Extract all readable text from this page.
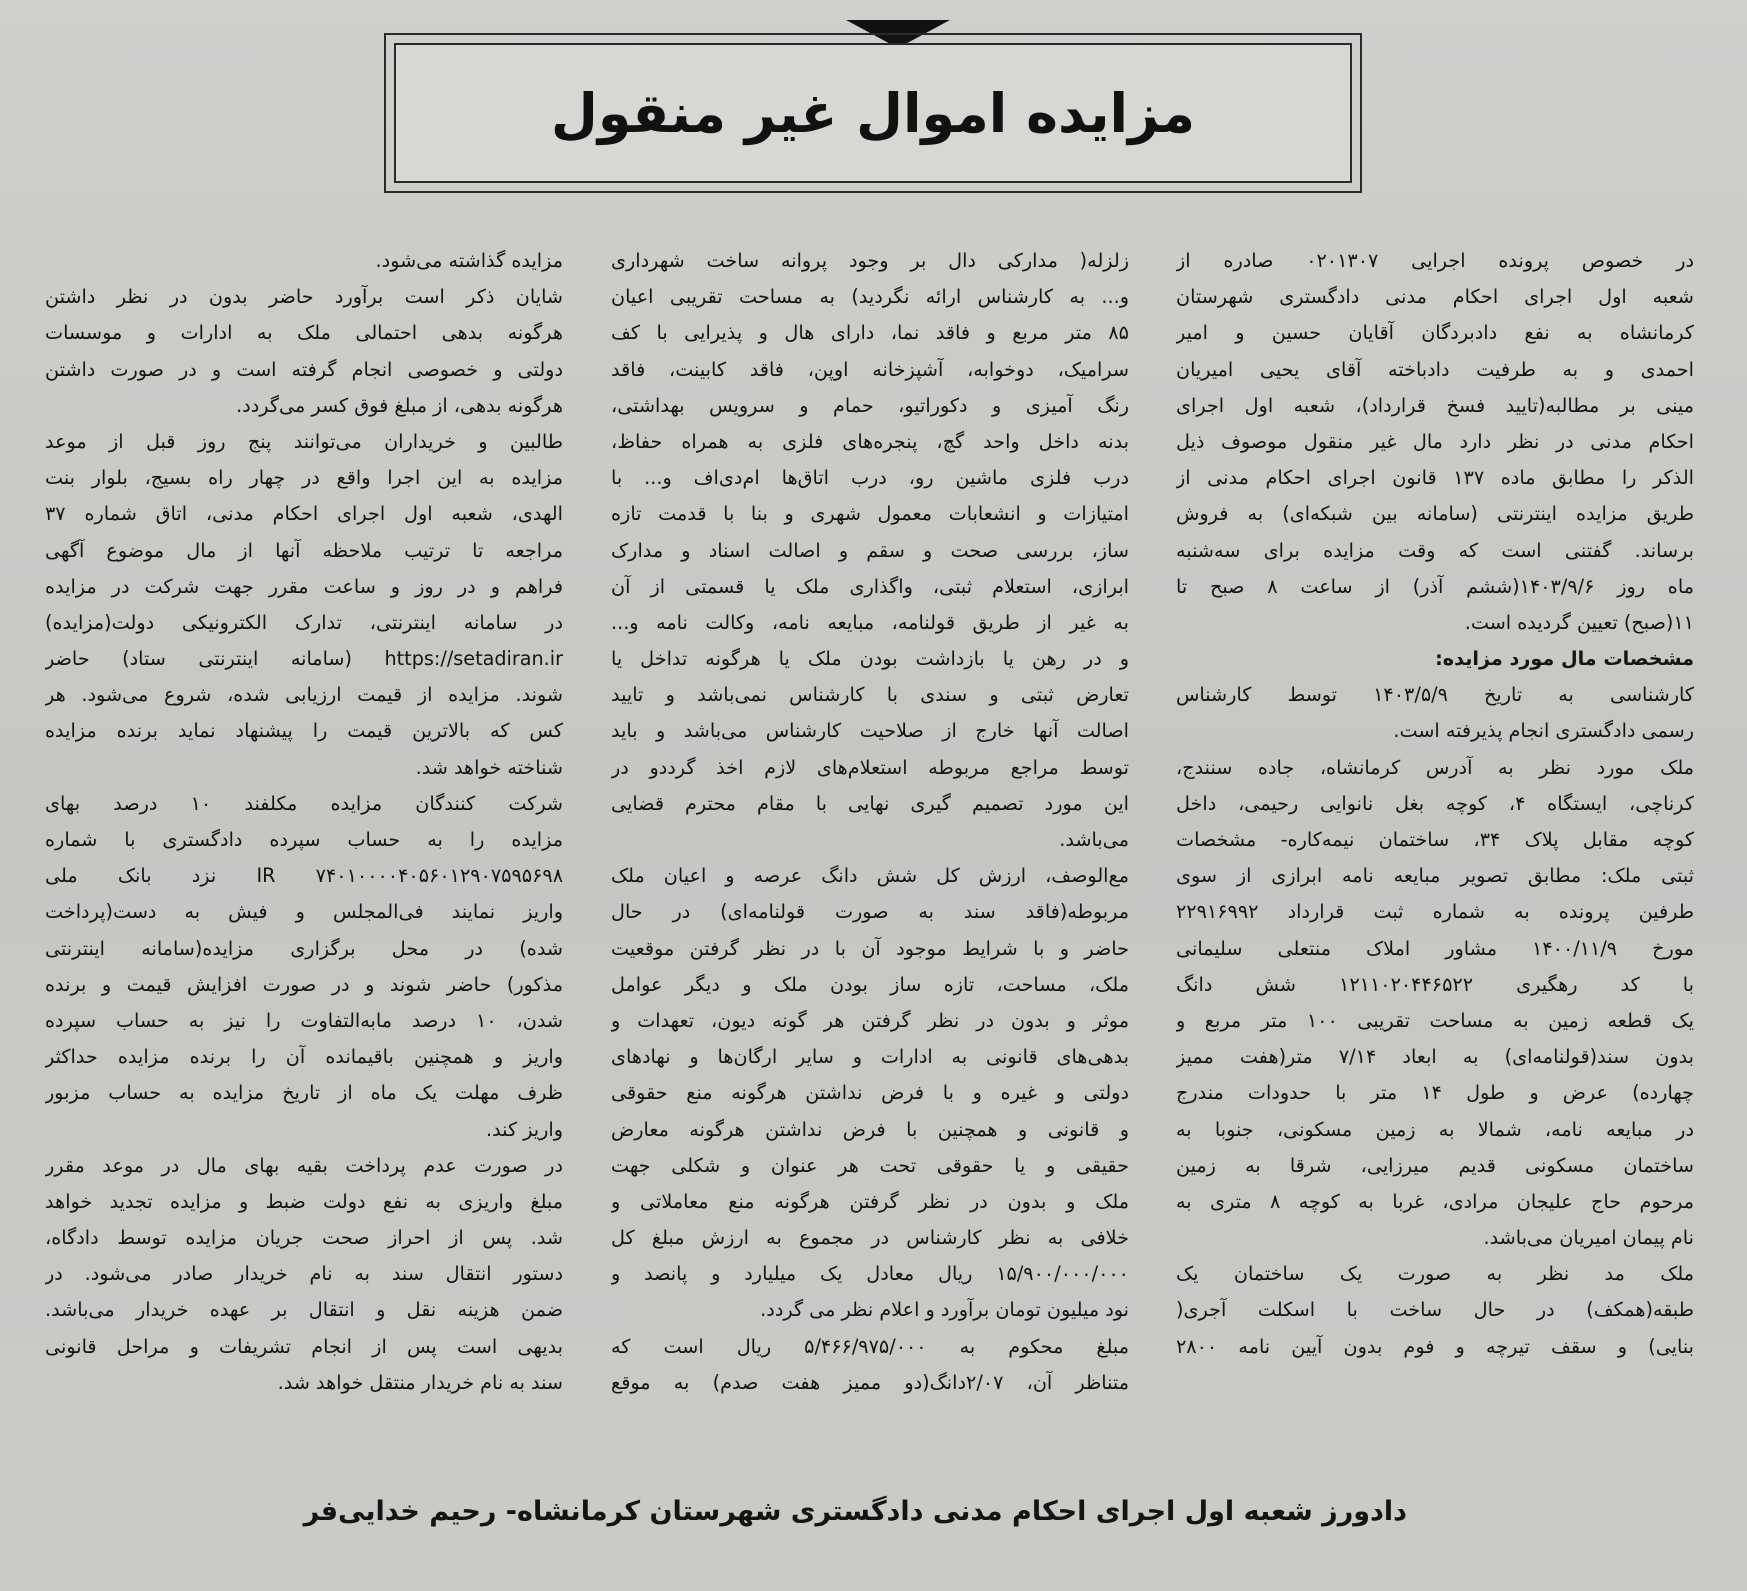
مزایده اموال غیر منقول
در خصوص پرونده اجرایی ۰۲۰۱۳۰۷ صادره از
شعبه اول اجرای احکام مدنی دادگستری شهرستان
کرمانشاه به نفع دادبردگان آقایان حسین و امیر
احمدی و به طرفیت دادباخته آقای یحیی امیریان
مینی بر مطالبه(تایید فسخ قرارداد)، شعبه اول اجرای
احکام مدنی در نظر دارد مال غیر منقول موصوف ذیل
الذکر را مطابق ماده ۱۳۷ قانون اجرای احکام مدنی از
طریق مزایده اینترنتی (سامانه بین شبکه‌ای) به فروش
برساند. گفتنی است که وقت مزایده برای سه‌شنبه
ماه روز ۱۴۰۳/۹/۶(ششم آذر) از ساعت ۸ صبح تا
۱۱(صبح) تعیین گردیده است.
مشخصات مال مورد مزایده:
کارشناسی به تاریخ ۱۴۰۳/۵/۹ توسط کارشناس
رسمی دادگستری انجام پذیرفته است.
ملک مورد نظر به آدرس کرمانشاه، جاده سنندج،
کرناچی، ایستگاه ۴، کوچه بغل نانوایی رحیمی، داخل
کوچه مقابل پلاک ۳۴، ساختمان نیمه‌کاره- مشخصات
ثبتی ملک: مطابق تصویر مبایعه نامه ابرازی از سوی
طرفین پرونده به شماره ثبت قرارداد ۲۲۹۱۶۹۹۲
مورخ ۱۴۰۰/۱۱/۹ مشاور املاک منتعلی سلیمانی
با کد رهگیری ۱۲۱۱۰۲۰۴۴۶۵۲۲ شش دانگ
یک قطعه زمین به مساحت تقریبی ۱۰۰ متر مربع و
بدون سند(قولنامه‌ای) به ابعاد ۷/۱۴ متر(هفت ممیز
چهارده) عرض و طول ۱۴ متر با حدودات مندرج
در مبایعه نامه، شمالا به زمین مسکونی، جنوبا به
ساختمان مسکونی قدیم میرزایی، شرقا به زمین
مرحوم حاج علیجان مرادی، غربا به کوچه ۸ متری به
نام پیمان امیریان می‌باشد.
ملک مد نظر به صورت یک ساختمان یک
طبقه(همکف) در حال ساخت با اسکلت آجری(
بنایی) و سقف تیرچه و فوم بدون آیین نامه ۲۸۰۰
زلزله( مدارکی دال بر وجود پروانه ساخت شهرداری
و... به کارشناس ارائه نگردید) به مساحت تقریبی اعیان
۸۵ متر مربع و فاقد نما، دارای هال و پذیرایی با کف
سرامیک، دوخوابه، آشپزخانه اوپن، فاقد کابینت، فاقد
رنگ آمیزی و دکوراتیو، حمام و سرویس بهداشتی،
بدنه داخل واحد گچ، پنجره‌های فلزی به همراه حفاظ،
درب فلزی ماشین رو، درب اتاق‌ها ام‌دی‌اف و... با
امتیازات و انشعابات معمول شهری و بنا با قدمت تازه
ساز، بررسی صحت و سقم و اصالت اسناد و مدارک
ابرازی، استعلام ثبتی، واگذاری ملک یا قسمتی از آن
به غیر از طریق قولنامه، مبایعه نامه، وکالت نامه و...
و در رهن یا بازداشت بودن ملک یا هرگونه تداخل یا
تعارض ثبتی و سندی با کارشناس نمی‌باشد و تایید
اصالت آنها خارج از صلاحیت کارشناس می‌باشد و باید
توسط مراجع مربوطه استعلام‌های لازم اخذ گرددو در
این مورد تصمیم گیری نهایی با مقام محترم قضایی
می‌باشد.
مع‌الوصف، ارزش کل شش دانگ عرصه و اعیان ملک
مربوطه(فاقد سند به صورت قولنامه‌ای) در حال
حاضر و با شرایط موجود آن با در نظر گرفتن موقعیت
ملک، مساحت، تازه ساز بودن ملک و دیگر عوامل
موثر و بدون در نظر گرفتن هر گونه دیون، تعهدات و
بدهی‌های قانونی به ادارات و سایر ارگان‌ها و نهادهای
دولتی و غیره و با فرض نداشتن هرگونه منع حقوقی
و قانونی و همچنین با فرض نداشتن هرگونه معارض
حقیقی و یا حقوقی تحت هر عنوان و شکلی جهت
ملک و بدون در نظر گرفتن هرگونه منع معاملاتی و
خلافی به نظر کارشناس در مجموع به ارزش مبلغ کل
۱۵/۹۰۰/۰۰۰/۰۰۰ ریال معادل یک میلیارد و پانصد و
نود میلیون تومان برآورد و اعلام نظر می گردد.
مبلغ محکوم به ۵/۴۶۶/۹۷۵/۰۰۰ ریال است که
متناظر آن، ۲/۰۷دانگ(دو ممیز هفت صدم) به موقع
مزایده گذاشته می‌شود.
شایان ذکر است برآورد حاضر بدون در نظر داشتن
هرگونه بدهی احتمالی ملک به ادارات و موسسات
دولتی و خصوصی انجام گرفته است و در صورت داشتن
هرگونه بدهی، از مبلغ فوق کسر می‌گردد.
طالبین و خریداران می‌توانند پنج روز قبل از موعد
مزایده به این اجرا واقع در چهار راه بسیج، بلوار بنت
الهدی، شعبه اول اجرای احکام مدنی، اتاق شماره ۳۷
مراجعه تا ترتیب ملاحظه آنها از مال موضوع آگهی
فراهم و در روز و ساعت مقرر جهت شرکت در مزایده
در سامانه اینترنتی، تدارک الکترونیکی دولت(مزایده)
https://setadiran.ir (سامانه اینترنتی ستاد) حاضر
شوند. مزایده از قیمت ارزیابی شده، شروع می‌شود. هر
کس که بالاترین قیمت را پیشنهاد نماید برنده مزایده
شناخته خواهد شد.
شرکت کنندگان مزایده مکلفند ۱۰ درصد بهای
مزایده را به حساب سپرده دادگستری با شماره
IR ۷۴۰۱۰۰۰۰۴۰۵۶۰۱۲۹۰۷۵۹۵۶۹۸ نزد بانک ملی
واریز نمایند فی‌المجلس و فیش به دست(پرداخت
شده) در محل برگزاری مزایده(سامانه اینترنتی
مذکور) حاضر شوند و در صورت افزایش قیمت و برنده
شدن، ۱۰ درصد مابه‌التفاوت را نیز به حساب سپرده
واریز و همچنین باقیمانده آن را برنده مزایده حداکثر
ظرف مهلت یک ماه از تاریخ مزایده به حساب مزبور
واریز کند.
در صورت عدم پرداخت بقیه بهای مال در موعد مقرر
مبلغ واریزی به نفع دولت ضبط و مزایده تجدید خواهد
شد. پس از احراز صحت جریان مزایده توسط دادگاه،
دستور انتقال سند به نام خریدار صادر می‌شود. در
ضمن هزینه نقل و انتقال بر عهده خریدار می‌باشد.
بدیهی است پس از انجام تشریفات و مراحل قانونی
سند به نام خریدار منتقل خواهد شد.
دادورز شعبه اول اجرای احکام مدنی دادگستری شهرستان کرمانشاه- رحیم خدایی‌فر
